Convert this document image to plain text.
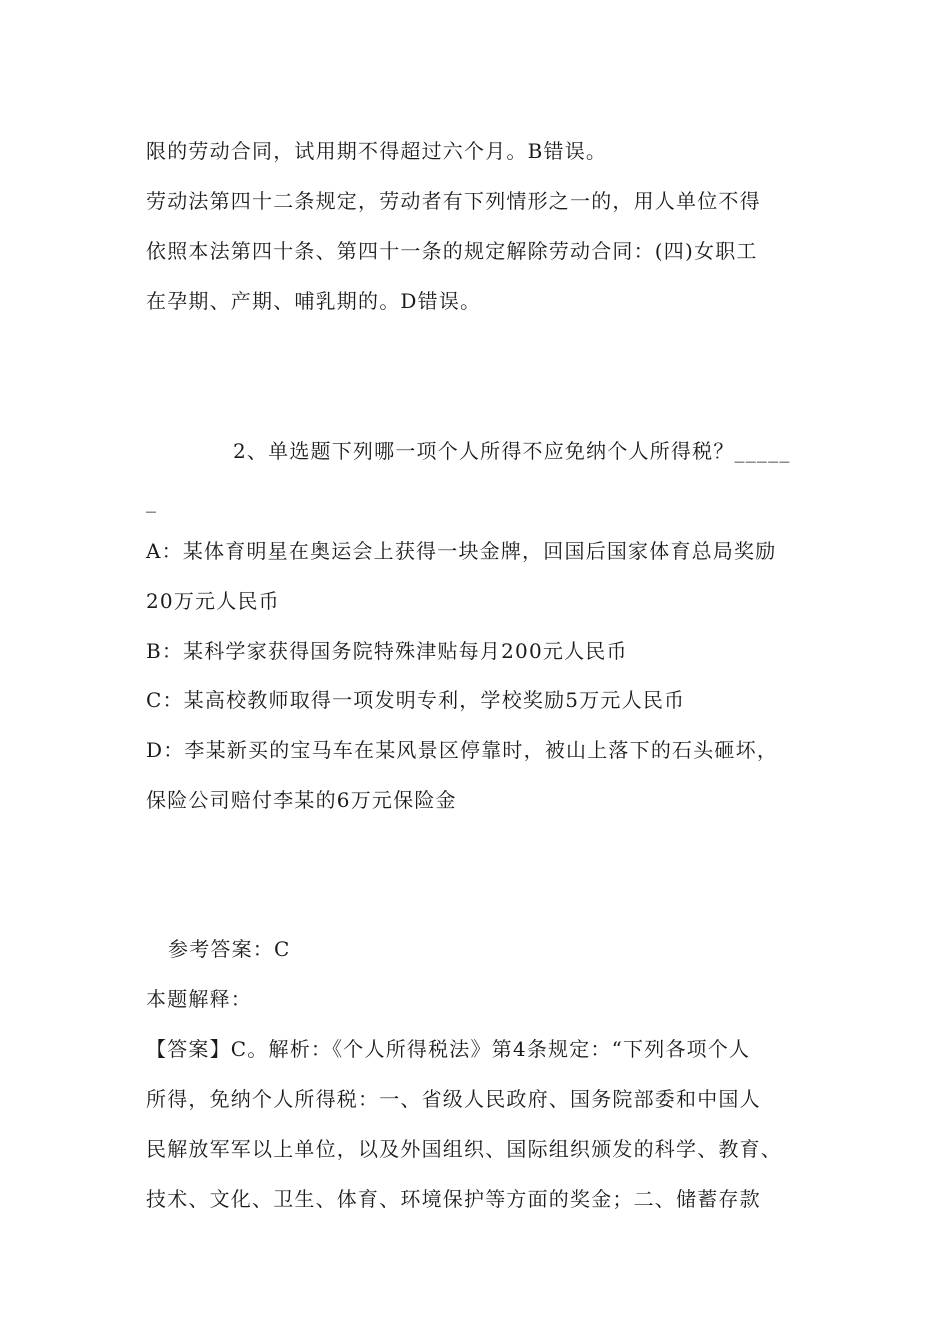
限的劳动合同，试用期不得超过六个月。B错误。
劳动法第四十二条规定，劳动者有下列情形之一的，用人单位不得
依照本法第四十条、第四十一条的规定解除劳动合同：(四)女职工
在孕期、产期、哺乳期的。D错误。
2、单选题下列哪一项个人所得不应免纳个人所得税？_____
_
A：某体育明星在奥运会上获得一块金牌，回国后国家体育总局奖励
20万元人民币
B：某科学家获得国务院特殊津贴每月200元人民币
C：某高校教师取得一项发明专利，学校奖励5万元人民币
D：李某新买的宝马车在某风景区停靠时，被山上落下的石头砸坏，
保险公司赔付李某的6万元保险金
参考答案：C
本题解释：
【答案】C。解析：《个人所得税法》第4条规定：“下列各项个人
所得，免纳个人所得税：一、省级人民政府、国务院部委和中国人
民解放军军以上单位，以及外国组织、国际组织颁发的科学、教育、
技术、文化、卫生、体育、环境保护等方面的奖金；二、储蓄存款
